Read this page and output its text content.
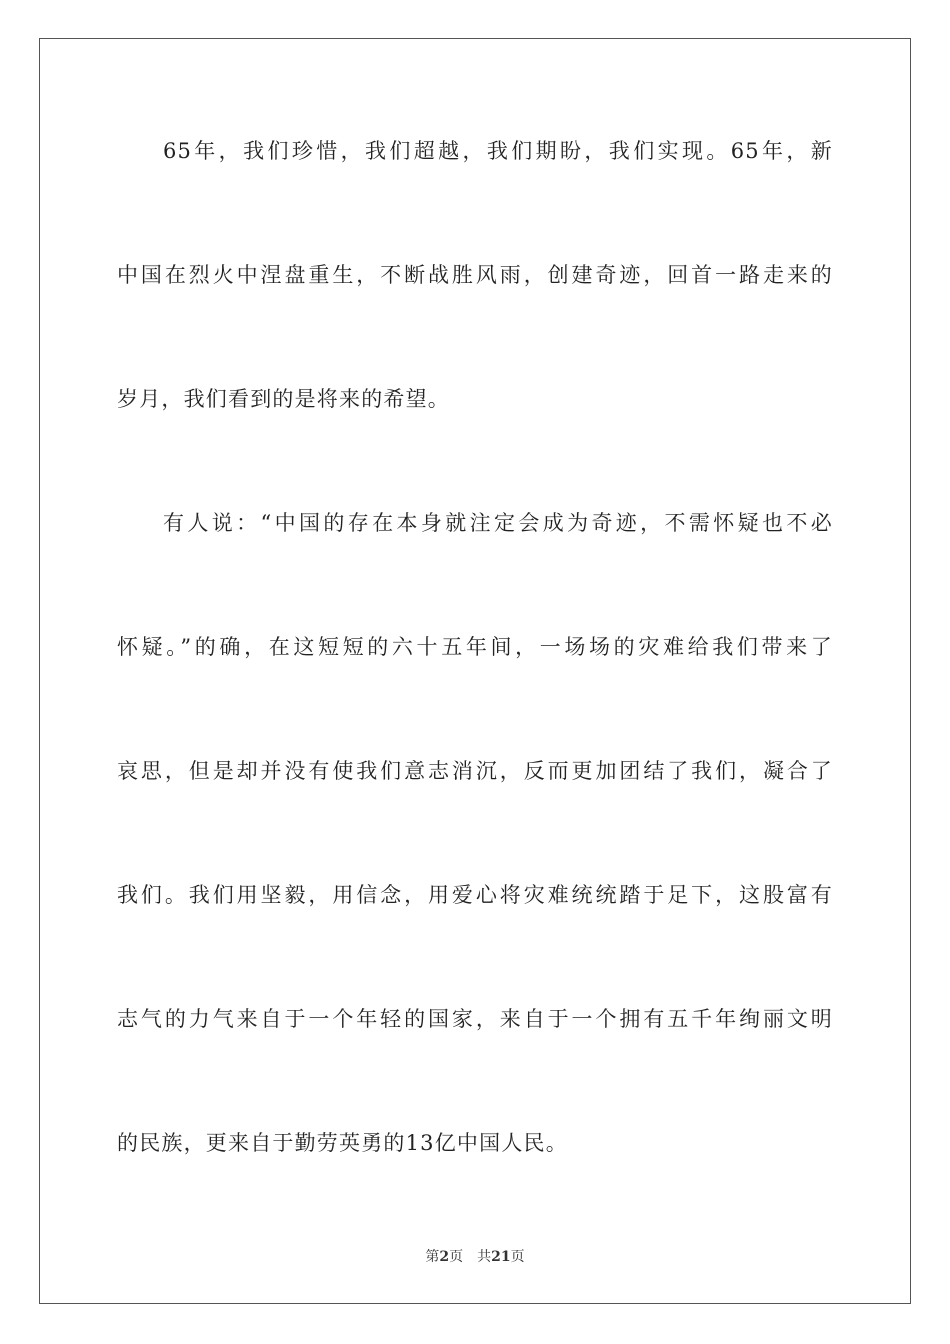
65年，我们珍惜，我们超越，我们期盼，我们实现。65年，新
中国在烈火中涅盘重生，不断战胜风雨，创建奇迹，回首一路走来的
岁月，我们看到的是将来的希望。
有人说：“中国的存在本身就注定会成为奇迹，不需怀疑也不必
怀疑。”的确，在这短短的六十五年间，一场场的灾难给我们带来了
哀思，但是却并没有使我们意志消沉，反而更加团结了我们，凝合了
我们。我们用坚毅，用信念，用爱心将灾难统统踏于足下，这股富有
志气的力气来自于一个年轻的国家，来自于一个拥有五千年绚丽文明
的民族，更来自于勤劳英勇的13亿中国人民。
第2页 共21页
